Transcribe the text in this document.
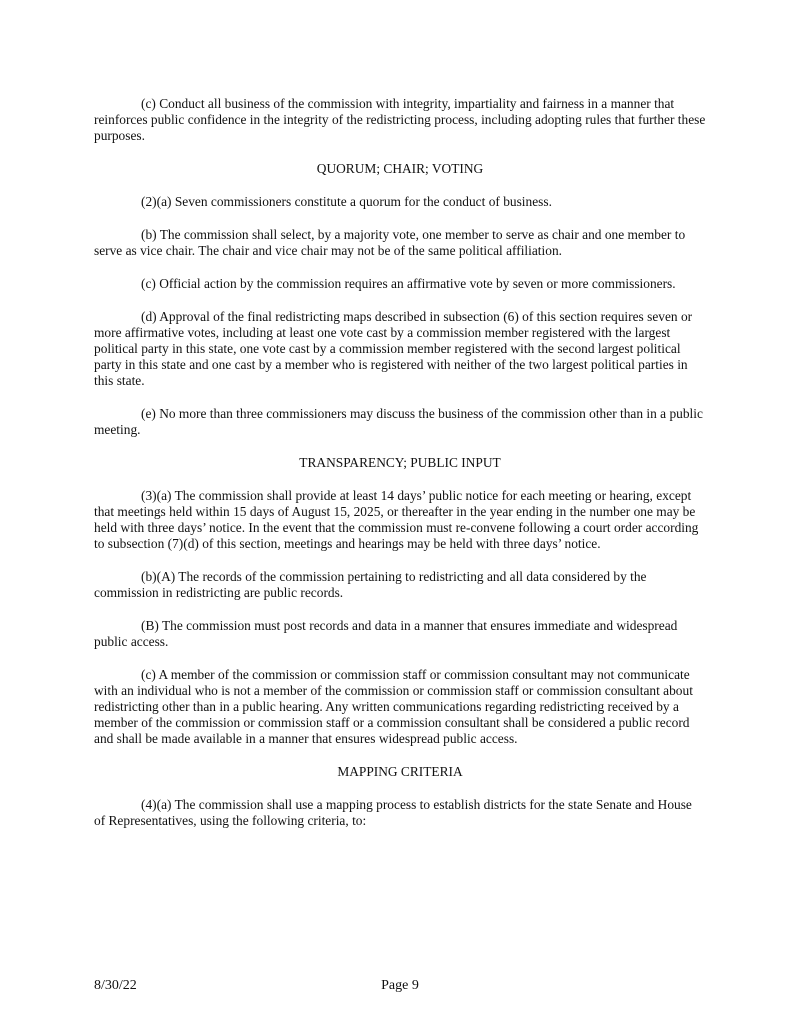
(c) Conduct all business of the commission with integrity, impartiality and fairness in a manner that reinforces public confidence in the integrity of the redistricting process, including adopting rules that further these purposes.

QUORUM; CHAIR; VOTING

(2)(a) Seven commissioners constitute a quorum for the conduct of business.

(b) The commission shall select, by a majority vote, one member to serve as chair and one member to serve as vice chair. The chair and vice chair may not be of the same political affiliation.

(c) Official action by the commission requires an affirmative vote by seven or more commissioners.

(d) Approval of the final redistricting maps described in subsection (6) of this section requires seven or more affirmative votes, including at least one vote cast by a commission member registered with the largest political party in this state, one vote cast by a commission member registered with the second largest political party in this state and one cast by a member who is registered with neither of the two largest political parties in this state.

(e) No more than three commissioners may discuss the business of the commission other than in a public meeting.

TRANSPARENCY; PUBLIC INPUT

(3)(a) The commission shall provide at least 14 days’ public notice for each meeting or hearing, except that meetings held within 15 days of August 15, 2025, or thereafter in the year ending in the number one may be held with three days’ notice. In the event that the commission must re-convene following a court order according to subsection (7)(d) of this section, meetings and hearings may be held with three days’ notice.

(b)(A) The records of the commission pertaining to redistricting and all data considered by the commission in redistricting are public records.

(B) The commission must post records and data in a manner that ensures immediate and widespread public access.

(c) A member of the commission or commission staff or commission consultant may not communicate with an individual who is not a member of the commission or commission staff or commission consultant about redistricting other than in a public hearing. Any written communications regarding redistricting received by a member of the commission or commission staff or a commission consultant shall be considered a public record and shall be made available in a manner that ensures widespread public access.

MAPPING CRITERIA

(4)(a) The commission shall use a mapping process to establish districts for the state Senate and House of Representatives, using the following criteria, to:

8/30/22	Page 9
